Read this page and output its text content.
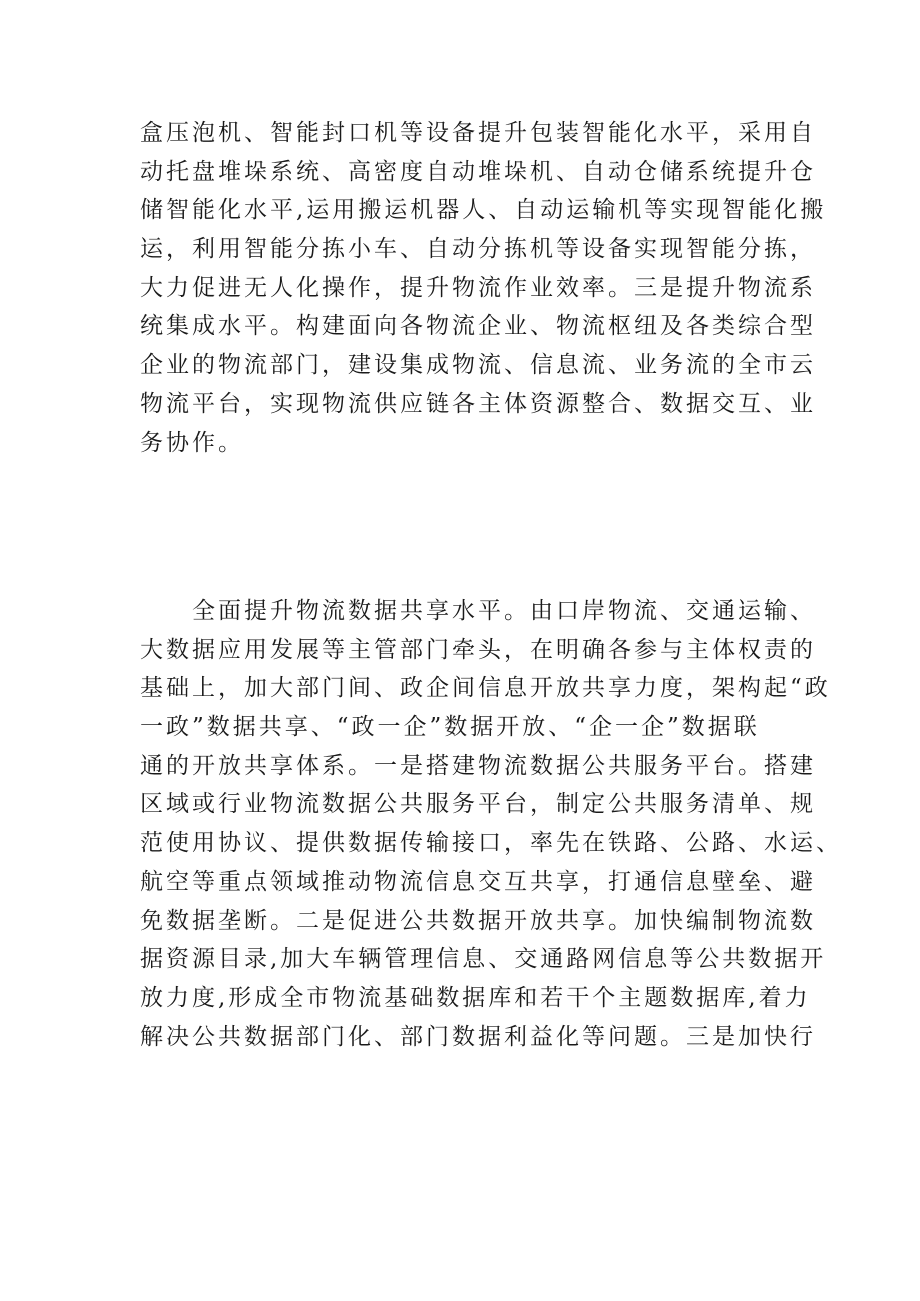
盒压泡机、智能封口机等设备提升包装智能化水平，采用自
动托盘堆垛系统、高密度自动堆垛机、自动仓储系统提升仓
储智能化水平,运用搬运机器人、自动运输机等实现智能化搬
运，利用智能分拣小车、自动分拣机等设备实现智能分拣，
大力促进无人化操作，提升物流作业效率。三是提升物流系
统集成水平。构建面向各物流企业、物流枢纽及各类综合型
企业的物流部门，建设集成物流、信息流、业务流的全市云
物流平台，实现物流供应链各主体资源整合、数据交互、业
务协作。
　　全面提升物流数据共享水平。由口岸物流、交通运输、
大数据应用发展等主管部门牵头，在明确各参与主体权责的
基础上，加大部门间、政企间信息开放共享力度，架构起“政
一政”数据共享、“政一企”数据开放、“企一企”数据联
通的开放共享体系。一是搭建物流数据公共服务平台。搭建
区域或行业物流数据公共服务平台，制定公共服务清单、规
范使用协议、提供数据传输接口，率先在铁路、公路、水运、
航空等重点领域推动物流信息交互共享，打通信息壁垒、避
免数据垄断。二是促进公共数据开放共享。加快编制物流数
据资源目录,加大车辆管理信息、交通路网信息等公共数据开
放力度,形成全市物流基础数据库和若干个主题数据库,着力
解决公共数据部门化、部门数据利益化等问题。三是加快行
